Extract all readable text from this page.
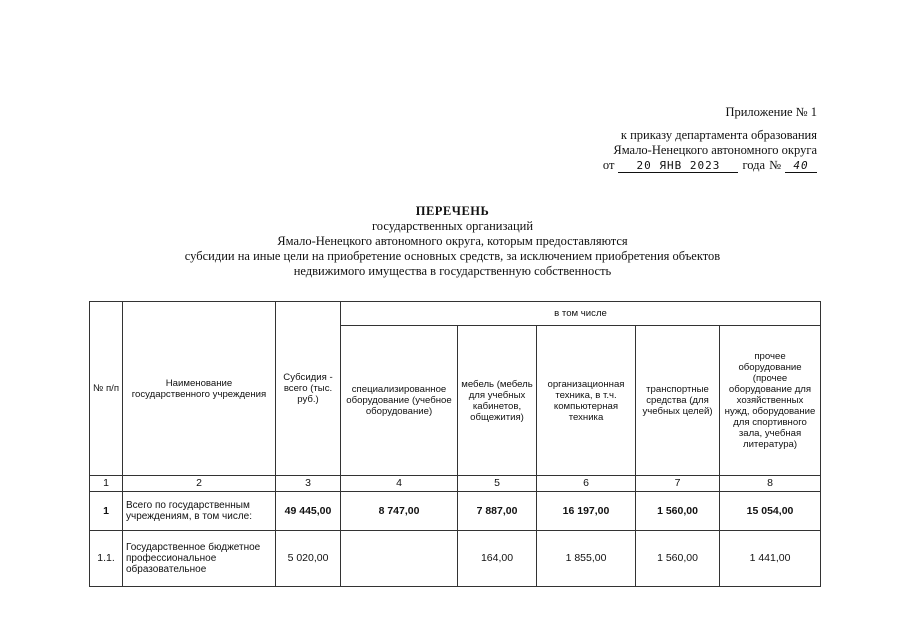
Приложение № 1
к приказу департамента образования
Ямало-Ненецкого автономного округа
от	20 ЯНВ 2023	года №	40
ПЕРЕЧЕНЬ
государственных организаций
Ямало-Ненецкого автономного округа, которым предоставляются
субсидии на иные цели на приобретение основных средств, за исключением приобретения объектов
недвижимого имущества в государственную собственность
№ п/п	Наименование государственного учреждения	Субсидия - всего (тыс. руб.)	в том числе				
			специализированное оборудование (учебное оборудование)	мебель (мебель для учебных кабинетов, общежития)	организационная техника, в т.ч. компьютерная техника	транспортные средства (для учебных целей)	прочее оборудование (прочее оборудование для хозяйственных нужд, оборудование для спортивного зала, учебная литература)
1	2	3	4	5	6	7	8
1	Всего по государственным учреждениям, в том числе:	49 445,00	8 747,00	7 887,00	16 197,00	1 560,00	15 054,00
1.1.	Государственное бюджетное профессиональное образовательное	5 020,00		164,00	1 855,00	1 560,00	1 441,00
